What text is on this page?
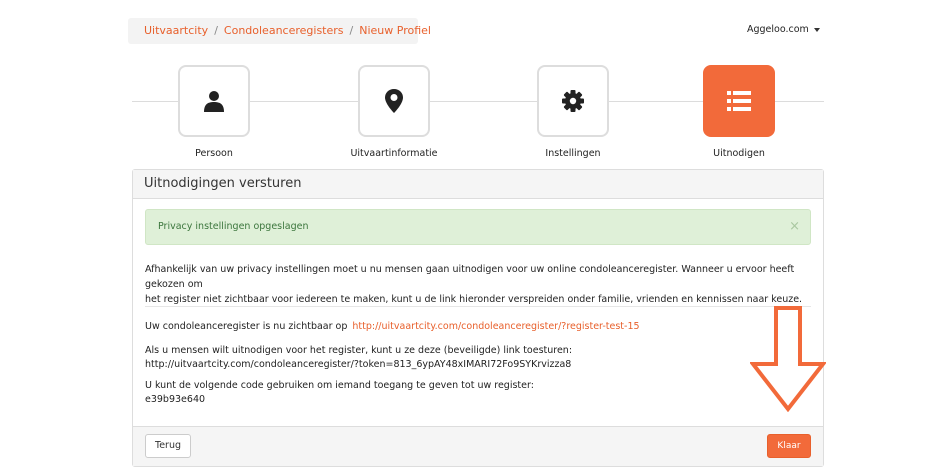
Uitvaartcity / Condoleanceregisters / Nieuw Profiel	Aggeloo.com
Persoon	Uitvaartinformatie	Instellingen	Uitnodigen
Uitnodigingen versturen
Privacy instellingen opgeslagen	×
Afhankelijk van uw privacy instellingen moet u nu mensen gaan uitnodigen voor uw online condoleanceregister. Wanneer u ervoor heeft gekozen om
het register niet zichtbaar voor iedereen te maken, kunt u de link hieronder verspreiden onder familie, vrienden en kennissen naar keuze.
Uw condoleanceregister is nu zichtbaar op http://uitvaartcity.com/condoleanceregister/?register-test-15
Als u mensen wilt uitnodigen voor het register, kunt u ze deze (beveiligde) link toesturen:
http://uitvaartcity.com/condoleanceregister/?token=813_6ypAY48xIMARI72Fo9SYKrvizza8
U kunt de volgende code gebruiken om iemand toegang te geven tot uw register:
e39b93e640
Terug	Klaar
